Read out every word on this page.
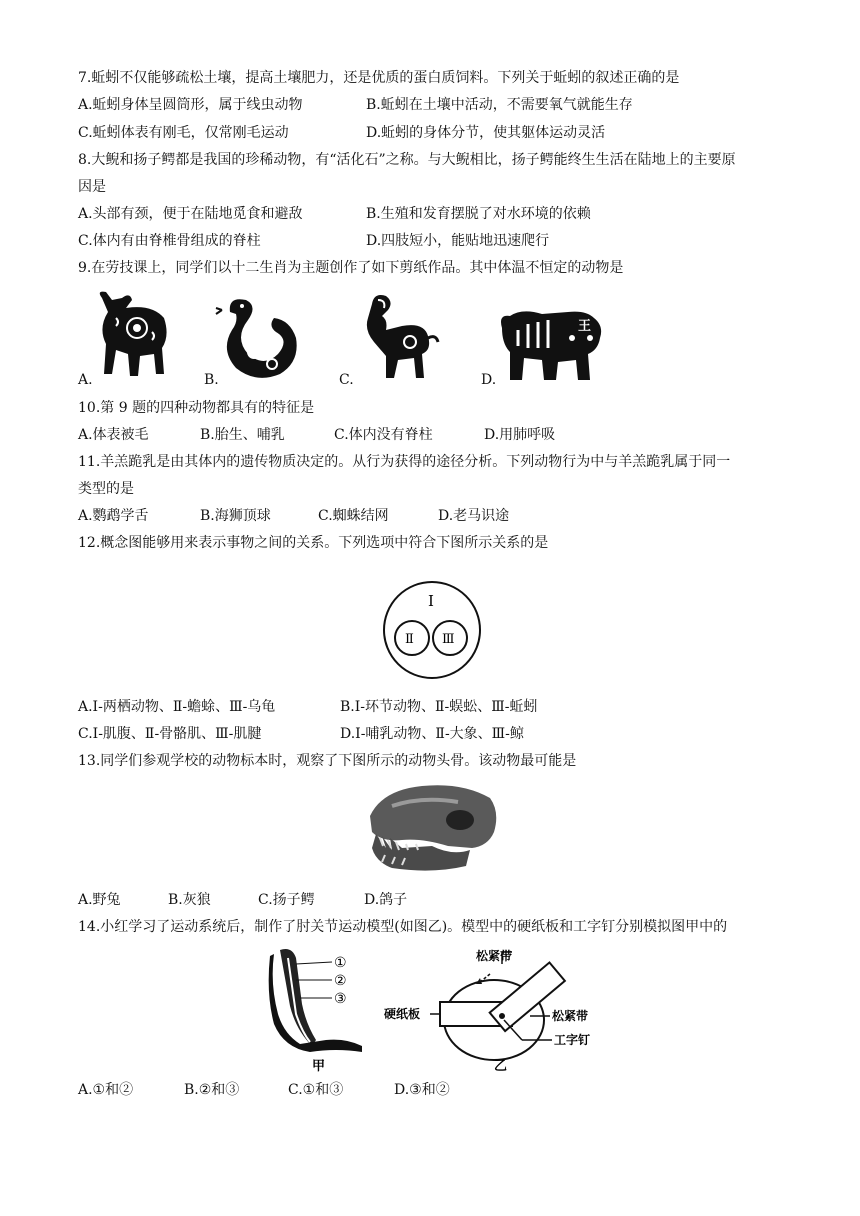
7.蚯蚓不仅能够疏松土壤，提高土壤肥力，还是优质的蛋白质饲料。下列关于蚯蚓的叙述正确的是
A.蚯蚓身体呈圆筒形，属于线虫动物	B.蚯蚓在土壤中活动，不需要氧气就能生存
C.蚯蚓体表有刚毛，仅常刚毛运动	D.蚯蚓的身体分节，使其躯体运动灵活
8.大鲵和扬子鳄都是我国的珍稀动物，有“活化石”之称。与大鲵相比，扬子鳄能终生生活在陆地上的主要原
因是
A.头部有颈，便于在陆地觅食和避敌	B.生殖和发育摆脱了对水环境的依赖
C.体内有由脊椎骨组成的脊柱	D.四肢短小，能贴地迅速爬行
9.在劳技课上，同学们以十二生肖为主题创作了如下剪纸作品。其中体温不恒定的动物是
A.	B.	C.
王
D.
10.第 9 题的四种动物都具有的特征是
A.体表被毛	B.胎生、哺乳	C.体内没有脊柱	D.用肺呼吸
11.羊羔跪乳是由其体内的遗传物质决定的。从行为获得的途径分析。下列动物行为中与羊羔跪乳属于同一
类型的是
A.鹦鹉学舌	B.海狮顶球	C.蜘蛛结网	D.老马识途
12.概念图能够用来表示事物之间的关系。下列选项中符合下图所示关系的是
I
Ⅱ Ⅲ
A.I-两栖动物、Ⅱ-蟾蜍、Ⅲ-乌龟	B.I-环节动物、Ⅱ-蜈蚣、Ⅲ-蚯蚓
C.I-肌腹、Ⅱ-骨骼肌、Ⅲ-肌腱	D.Ⅰ-哺乳动物、Ⅱ-大象、Ⅲ-鲸
13.同学们参观学校的动物标本时，观察了下图所示的动物头骨。该动物最可能是
A.野兔	B.灰狼	C.扬子鳄	D.鸽子
14.小红学习了运动系统后，制作了肘关节运动模型(如图乙)。模型中的硬纸板和工字钉分别模拟图甲中的
①
②
③
甲
松紧带
硬纸板	松紧带
工字钉
乙
A.①和②	B.②和③	C.①和③	D.③和②
